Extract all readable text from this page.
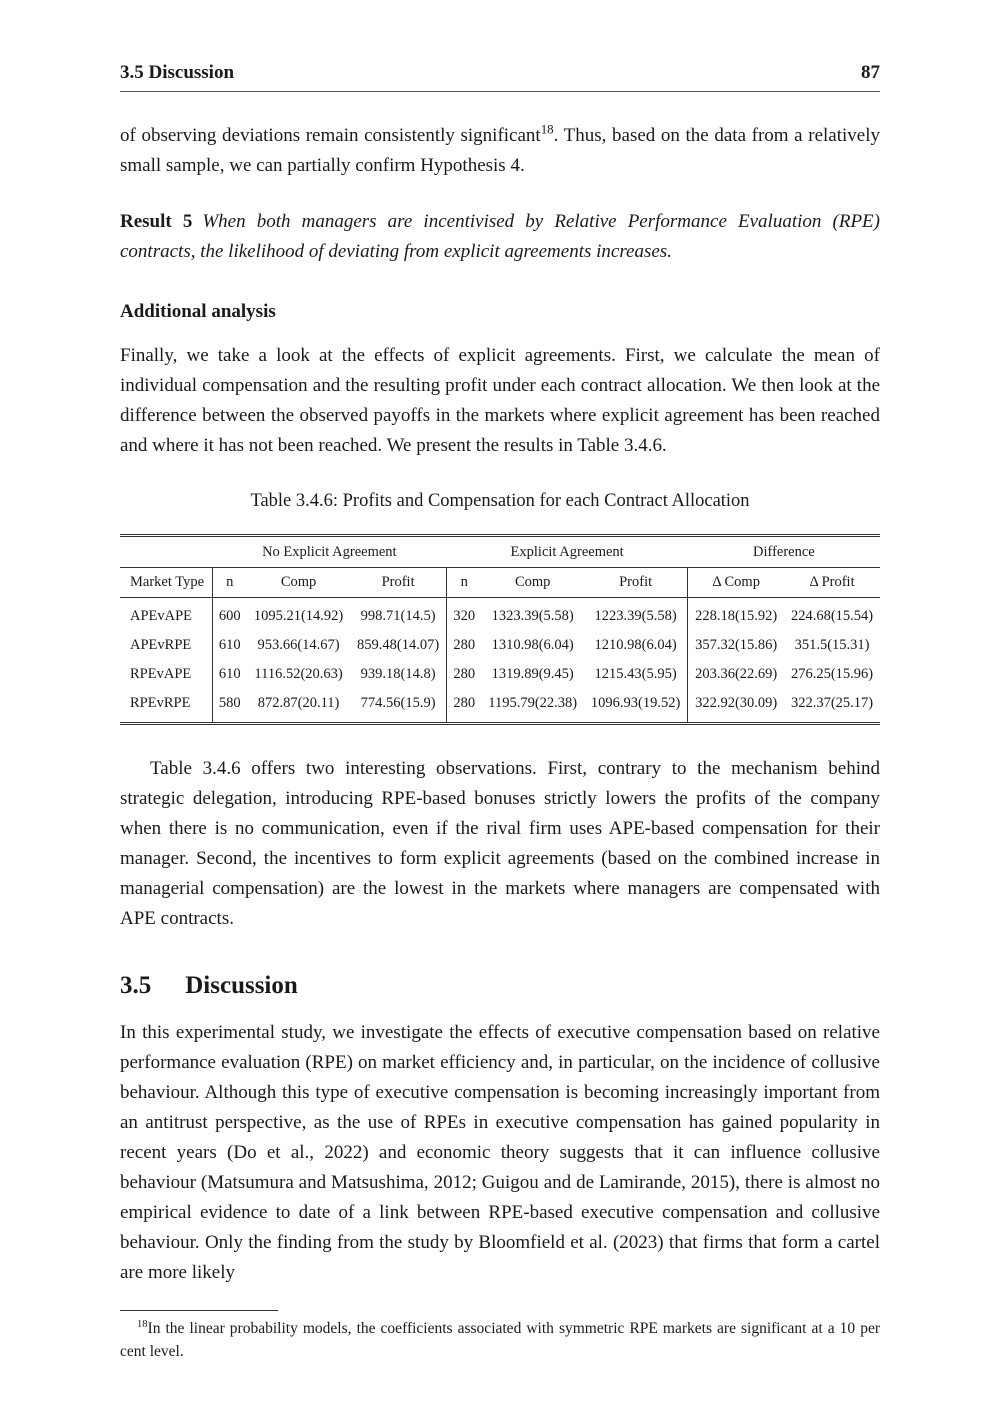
3.5 Discussion	87

of observing deviations remain consistently significant$^{18}$. Thus, based on the data from a relatively small sample, we can partially confirm Hypothesis 4.

Result 5 When both managers are incentivised by Relative Performance Evaluation (RPE) contracts, the likelihood of deviating from explicit agreements increases.

Additional analysis

Finally, we take a look at the effects of explicit agreements. First, we calculate the mean of individual compensation and the resulting profit under each contract allocation. We then look at the difference between the observed payoffs in the markets where explicit agreement has been reached and where it has not been reached. We present the results in Table 3.4.6.

Table 3.4.6: Profits and Compensation for each Contract Allocation
	No Explicit Agreement			Explicit Agreement			Difference	
Market Type	n	Comp	Profit	n	Comp	Profit	Δ Comp	Δ Profit
APEvAPE	600	1095.21(14.92)	998.71(14.5)	320	1323.39(5.58)	1223.39(5.58)	228.18(15.92)	224.68(15.54)
APEvRPE	610	953.66(14.67)	859.48(14.07)	280	1310.98(6.04)	1210.98(6.04)	357.32(15.86)	351.5(15.31)
RPEvAPE	610	1116.52(20.63)	939.18(14.8)	280	1319.89(9.45)	1215.43(5.95)	203.36(22.69)	276.25(15.96)
RPEvRPE	580	872.87(20.11)	774.56(15.9)	280	1195.79(22.38)	1096.93(19.52)	322.92(30.09)	322.37(25.17)

Table 3.4.6 offers two interesting observations. First, contrary to the mechanism behind strategic delegation, introducing RPE-based bonuses strictly lowers the profits of the company when there is no communication, even if the rival firm uses APE-based compensation for their manager. Second, the incentives to form explicit agreements (based on the combined increase in managerial compensation) are the lowest in the markets where managers are compensated with APE contracts.

3.5 Discussion

In this experimental study, we investigate the effects of executive compensation based on relative performance evaluation (RPE) on market efficiency and, in particular, on the incidence of collusive behaviour. Although this type of executive compensation is becoming increasingly important from an antitrust perspective, as the use of RPEs in executive compensation has gained popularity in recent years (Do et al., 2022) and economic theory suggests that it can influence collusive behaviour (Matsumura and Matsushima, 2012; Guigou and de Lamirande, 2015), there is almost no empirical evidence to date of a link between RPE-based executive compensation and collusive behaviour. Only the finding from the study by Bloomfield et al. (2023) that firms that form a cartel are more likely

$^{18}$In the linear probability models, the coefficients associated with symmetric RPE markets are significant at a 10 per cent level.
